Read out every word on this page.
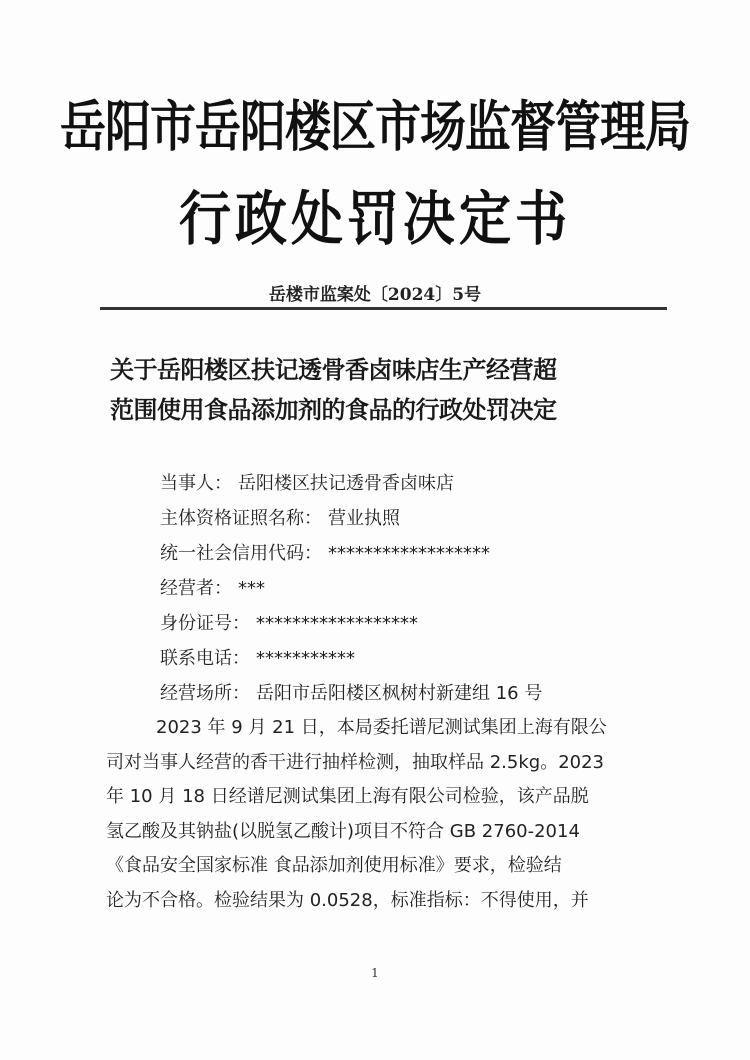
岳阳市岳阳楼区市场监督管理局
行政处罚决定书
岳楼市监案处〔2024〕5号
关于岳阳楼区扶记透骨香卤味店生产经营超
范围使用食品添加剂的食品的行政处罚决定
当事人： 岳阳楼区扶记透骨香卤味店
主体资格证照名称： 营业执照
统一社会信用代码： ******************
经营者： ***
身份证号： ******************
联系电话： ***********
经营场所： 岳阳市岳阳楼区枫树村新建组 16 号
2023 年 9 月 21 日，本局委托谱尼测试集团上海有限公
司对当事人经营的香干进行抽样检测，抽取样品 2.5kg。2023
年 10 月 18 日经谱尼测试集团上海有限公司检验，该产品脱
氢乙酸及其钠盐(以脱氢乙酸计)项目不符合 GB 2760-2014
《食品安全国家标准 食品添加剂使用标准》要求，检验结
论为不合格。检验结果为 0.0528，标准指标：不得使用，并
1
